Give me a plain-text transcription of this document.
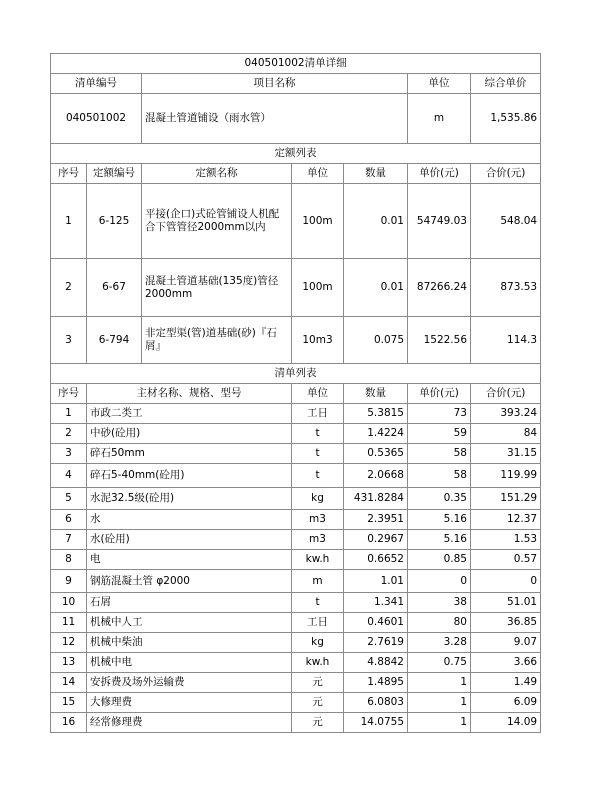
040501002清单详细						
清单编号		项目名称			单位	综合单价
040501002		混凝土管道铺设（雨水管）			m	1,535.86
定额列表						
序号	定额编号	定额名称	单位	数量	单价(元)	合价(元)
1	6-125	平接(企口)式砼管铺设人机配合下管管径2000mm以内	100m	0.01	54749.03	548.04
2	6-67	混凝土管道基础(135度)管径2000mm	100m	0.01	87266.24	873.53
3	6-794	非定型渠(管)道基础(砂)『石屑』	10m3	0.075	1522.56	114.3
清单列表						
序号	主材名称、规格、型号		单位	数量	单价(元)	合价(元)
1	市政二类工		工日	5.3815	73	393.24
2	中砂(砼用)		t	1.4224	59	84
3	碎石50mm		t	0.5365	58	31.15
4	碎石5-40mm(砼用)		t	2.0668	58	119.99
5	水泥32.5级(砼用)		kg	431.8284	0.35	151.29
6	水		m3	2.3951	5.16	12.37
7	水(砼用)		m3	0.2967	5.16	1.53
8	电		kw.h	0.6652	0.85	0.57
9	钢筋混凝土管 φ2000		m	1.01	0	0
10	石屑		t	1.341	38	51.01
11	机械中人工		工日	0.4601	80	36.85
12	机械中柴油		kg	2.7619	3.28	9.07
13	机械中电		kw.h	4.8842	0.75	3.66
14	安拆费及场外运输费		元	1.4895	1	1.49
15	大修理费		元	6.0803	1	6.09
16	经常修理费		元	14.0755	1	14.09
